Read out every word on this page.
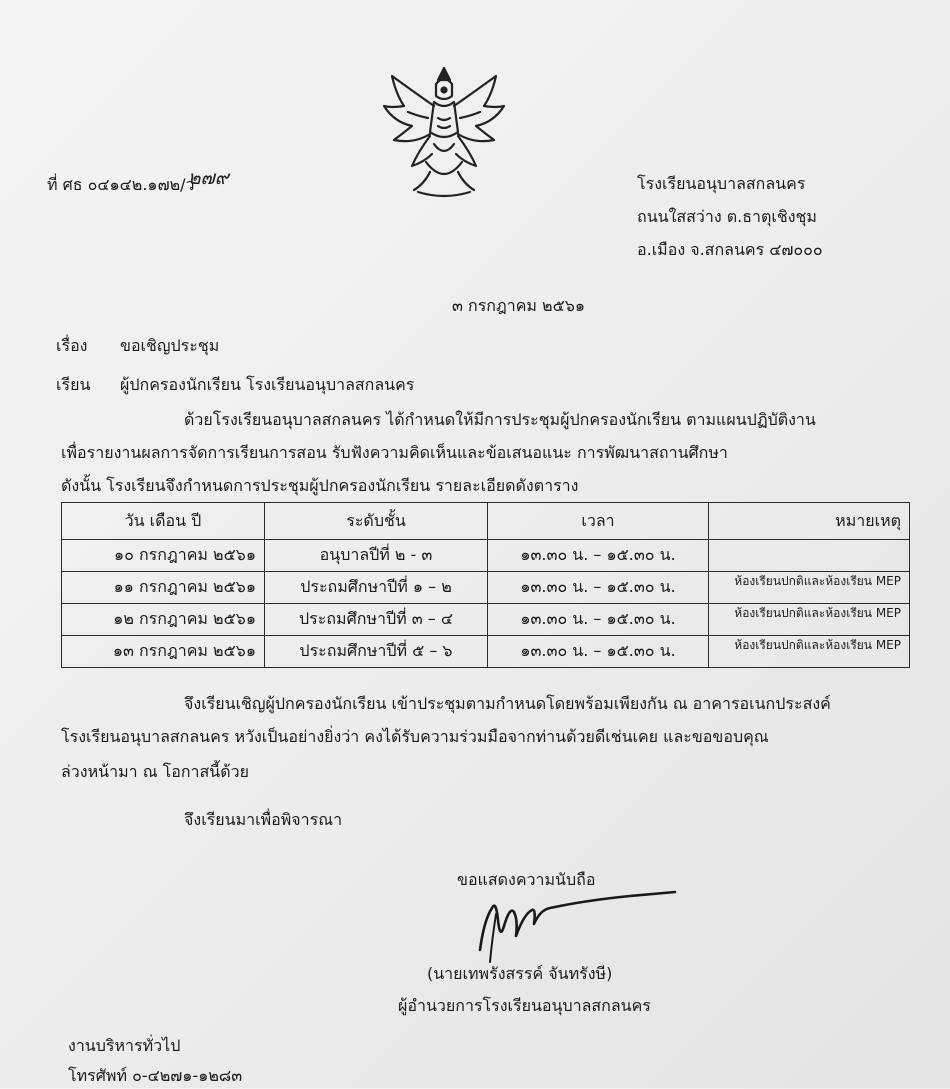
ที่ ศธ ๐๔๑๔๒.๑๗๒/ว
๒๗๙	โรงเรียนอนุบาลสกลนคร
ถนนใสสว่าง ต.ธาตุเชิงชุม
อ.เมือง จ.สกลนคร ๔๗๐๐๐
๓ กรกฎาคม ๒๕๖๑
เรื่อง ขอเชิญประชุม
เรียน ผู้ปกครองนักเรียน โรงเรียนอนุบาลสกลนคร
ด้วยโรงเรียนอนุบาลสกลนคร ได้กำหนดให้มีการประชุมผู้ปกครองนักเรียน ตามแผนปฏิบัติงาน
เพื่อรายงานผลการจัดการเรียนการสอน รับฟังความคิดเห็นและข้อเสนอแนะ การพัฒนาสถานศึกษา
ดังนั้น โรงเรียนจึงกำหนดการประชุมผู้ปกครองนักเรียน รายละเอียดดังตาราง
วัน เดือน ปี	ระดับชั้น	เวลา	หมายเหตุ
๑๐ กรกฎาคม ๒๕๖๑	อนุบาลปีที่ ๒ - ๓	๑๓.๓๐ น. – ๑๕.๓๐ น.	
๑๑ กรกฎาคม ๒๕๖๑	ประถมศึกษาปีที่ ๑ – ๒	๑๓.๓๐ น. – ๑๕.๓๐ น.	ห้องเรียนปกติและห้องเรียน MEP
๑๒ กรกฎาคม ๒๕๖๑	ประถมศึกษาปีที่ ๓ – ๔	๑๓.๓๐ น. – ๑๕.๓๐ น.	ห้องเรียนปกติและห้องเรียน MEP
๑๓ กรกฎาคม ๒๕๖๑	ประถมศึกษาปีที่ ๕ – ๖	๑๓.๓๐ น. – ๑๕.๓๐ น.	ห้องเรียนปกติและห้องเรียน MEP
จึงเรียนเชิญผู้ปกครองนักเรียน เข้าประชุมตามกำหนดโดยพร้อมเพียงกัน ณ อาคารอเนกประสงค์
โรงเรียนอนุบาลสกลนคร หวังเป็นอย่างยิ่งว่า คงได้รับความร่วมมือจากท่านด้วยดีเช่นเคย และขอขอบคุณ
ล่วงหน้ามา ณ โอกาสนี้ด้วย
จึงเรียนมาเพื่อพิจารณา
ขอแสดงความนับถือ
(นายเทพรังสรรค์ จันทรังษี)
ผู้อำนวยการโรงเรียนอนุบาลสกลนคร
งานบริหารทั่วไป
โทรศัพท์ ๐-๔๒๗๑-๑๒๘๓
